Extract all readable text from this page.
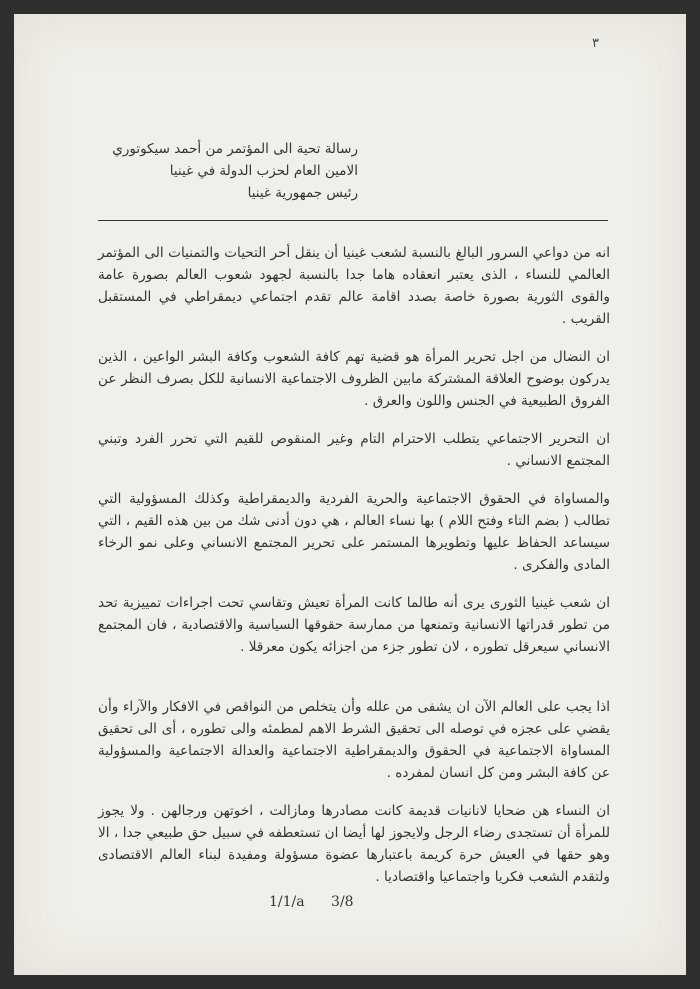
٣
رسالة تحية الى المؤتمر من أحمد سيكوتوري
الامين العام لحزب الدولة في غينيا
رئيس جمهورية غينيا
انه من دواعي السرور البالغ بالنسبة لشعب غينيا أن ينقل أحر التحيات والتمنيات الى المؤتمر العالمي للنساء ، الذى يعتبر انعقاده هاما جدا بالنسبة لجهود شعوب العالم بصورة عامة والقوى الثورية بصورة خاصة بصدد اقامة عالم تقدم اجتماعي ديمقراطي في المستقبل القريب .
ان النضال من اجل تحرير المرأة هو قضية تهم كافة الشعوب وكافة البشر الواعين ، الذين يدركون بوضوح العلاقة المشتركة مابين الظروف الاجتماعية الانسانية للكل بصرف النظر عن الفروق الطبيعية في الجنس واللون والعرق .
ان التحرير الاجتماعي يتطلب الاحترام التام وغير المنقوص للقيم التي تحرر الفرد وتبني المجتمع الانساني .
والمساواة في الحقوق الاجتماعية والحرية الفردية والديمقراطية وكذلك المسؤولية التي تطالب ( بضم التاء وفتح اللام ) بها نساء العالم ، هي دون أدنى شك من بين هذه القيم ، التي سيساعد الحفاظ عليها وتطويرها المستمر على تحرير المجتمع الانساني وعلى نمو الرخاء المادى والفكرى .
ان شعب غينيا الثورى يرى أنه طالما كانت المرأة تعيش وتقاسي تحت اجراءات تمييزية تحد من تطور قدراتها الانسانية وتمنعها من ممارسة حقوقها السياسية والاقتصادية ، فان المجتمع الانساني سيعرقل تطوره ، لان تطور جزء من اجزائه يكون معرقلا .
اذا يجب على العالم الآن ان يشفى من علله وأن يتخلص من النواقص في الافكار والآراء وأن يقضي على عجزه في توصله الى تحقيق الشرط الاهم لمطمئه والى تطوره ، أى الى تحقيق المساواة الاجتماعية في الحقوق والديمقراطية الاجتماعية والعدالة الاجتماعية والمسؤولية عن كافة البشر ومن كل انسان لمفرده .
ان النساء هن ضحايا لانانيات قديمة كانت مصادرها ومازالت ، اخوتهن ورجالهن . ولا يجوز للمرأة أن تستجدى رضاء الرجل ولايجوز لها أيضا ان تستعطفه في سبيل حق طبيعي جدا ، الا وهو حقها في العيش حرة كريمة باعتبارها عضوة مسؤولة ومفيدة لبناء العالم الاقتصادى ولتقدم الشعب فكريا واجتماعيا واقتصاديا .
1/1/a 3/8
